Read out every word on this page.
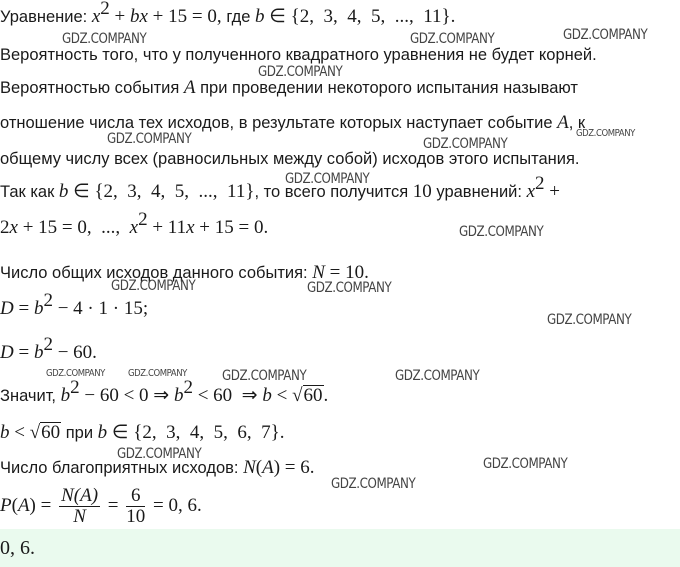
Уравнение: $x^2$ + bx + 15 = 0, где b ∈ {2,  3,  4,  5,  ...,  11}.
Вероятность того, что у полученного квадратного уравнения не будет корней.
Вероятностью события A при проведении некоторого испытания называют
отношение числа тех исходов, в результате которых наступает событие A, к
общему числу всех (равносильных между собой) исходов этого испытания.
Так как b ∈ {2,  3,  4,  5,  ...,  11}, то всего получится 10 уравнений: $x^2$ +
2x + 15 = 0,  ...,  $x^2 + 11x + 15 = 0$.
Число общих исходов данного события: N = 10.
$D = b^2 - 4 \cdot 1 \cdot 15$;
$D = b^2 - 60$.
Значит, $b^2 - 60 < 0$ ⇒ $b^2 < 60$  ⇒ b < √60.
b < √60 при b ∈ {2,  3,  4,  5,  6,  7}.
Число благоприятных исходов: N(A) = 6.
$P(A) = \frac{N(A)}{N} = \frac{6}{10} = 0$, 6.
0, 6.
GDZ.COMPANY	GDZ.COMPANY	GDZ.COMPANY
GDZ.COMPANY
GDZ.COMPANY	GDZ.COMPANY
GDZ.COMPANY
GDZ.COMPANY
GDZ.COMPANY
GDZ.COMPANY	GDZ.COMPANY
GDZ.COMPANY
GDZ.COMPANY GDZ.COMPANY	GDZ.COMPANY	GDZ.COMPANY
GDZ.COMPANY
GDZ.COMPANY
GDZ.COMPANY
